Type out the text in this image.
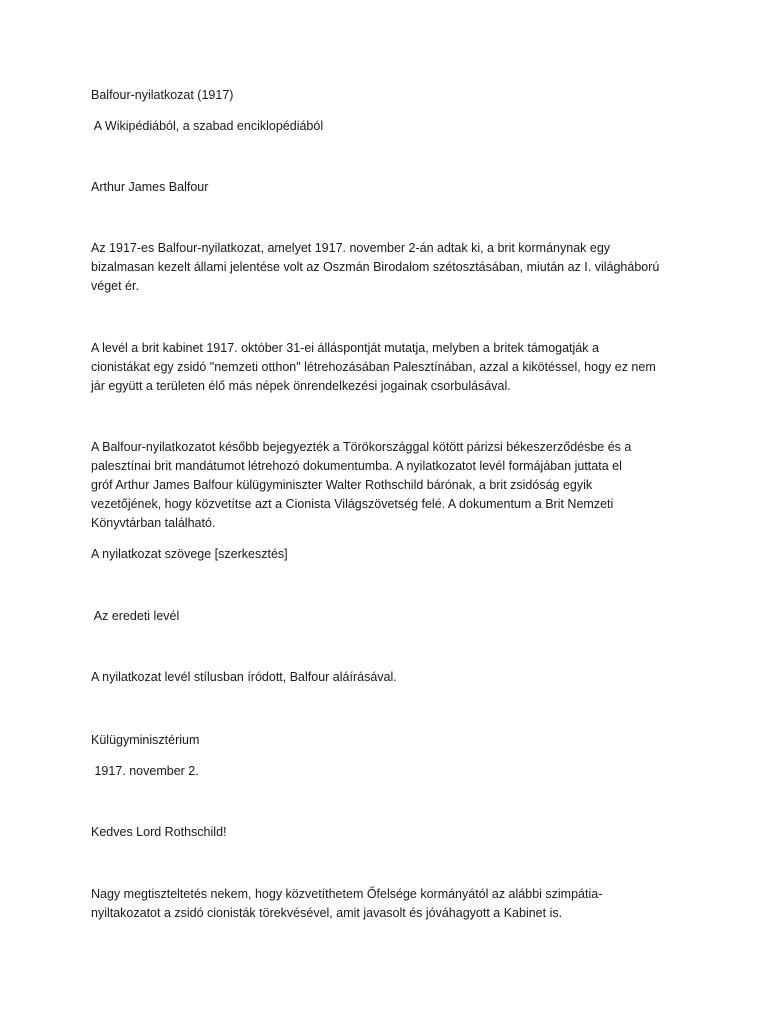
Balfour-nyilatkozat (1917)

A Wikipédiából, a szabad enciklopédiából

Arthur James Balfour

Az 1917-es Balfour-nyilatkozat, amelyet 1917. november 2-án adtak ki, a brit kormánynak egy
bizalmasan kezelt állami jelentése volt az Oszmán Birodalom szétosztásában, miután az I. világháború
véget ér.
A levél a brit kabinet 1917. október 31-ei álláspontját mutatja, melyben a britek támogatják a
cionistákat egy zsidó "nemzeti otthon" létrehozásában Palesztínában, azzal a kikötéssel, hogy ez nem
jár együtt a területen élő más népek önrendelkezési jogainak csorbulásával.
A Balfour-nyilatkozatot később bejegyezték a Törökországgal kötött párizsi békeszerződésbe és a
palesztínai brit mandátumot létrehozó dokumentumba. A nyilatkozatot levél formájában juttata el
gróf Arthur James Balfour külügyminiszter Walter Rothschild bárónak, a brit zsidóság egyik
vezetőjének, hogy közvetítse azt a Cionista Világszövetség felé. A dokumentum a Brit Nemzeti
Könyvtárban található.

A nyilatkozat szövege [szerkesztés]

Az eredeti levél

A nyilatkozat levél stílusban íródott, Balfour aláírásával.

Külügyminisztérium

1917. november 2.

Kedves Lord Rothschild!

Nagy megtiszteltetés nekem, hogy közvetíthetem Őfelsége kormányától az alábbi szimpátia-
nyiltakozatot a zsidó cionisták törekvésével, amit javasolt és jóváhagyott a Kabinet is.
